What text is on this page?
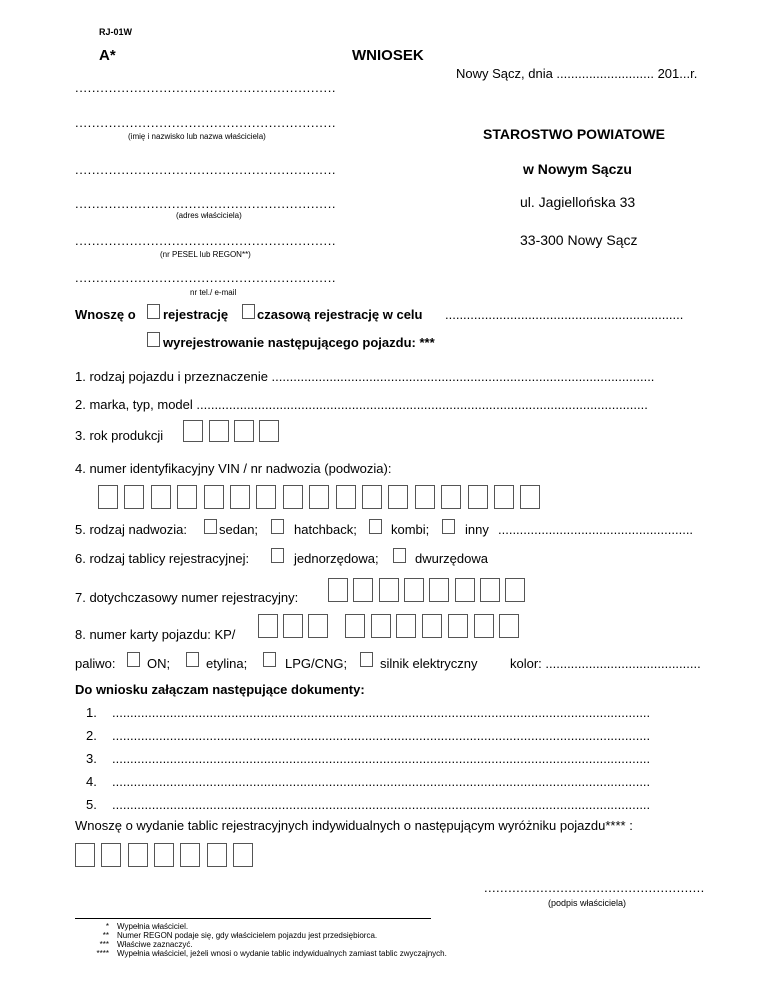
RJ-01W
A*	WNIOSEK
Nowy Sącz, dnia ........................... 201...r.
..............................................................
..............................................................
(imię i nazwisko lub nazwa właściciela)
..............................................................
..............................................................
(adres właściciela)
..............................................................
(nr PESEL lub REGON**)
..............................................................
nr tel./ e-mail
STAROSTWO POWIATOWE
w Nowym Sączu
ul. Jagiellońska 33
33-300 Nowy Sącz
Wnoszę o rejestrację czasową rejestrację w celu ..................................................................
wyrejestrowanie następującego pojazdu: ***
1. rodzaj pojazdu i przeznaczenie ..........................................................................................................
2. marka, typ, model .............................................................................................................................
3. rok produkcji
4. numer identyfikacyjny VIN / nr nadwozia (podwozia):
5. rodzaj nadwozia: sedan;	hatchback;	kombi;	inny ......................................................
6. rodzaj tablicy rejestracyjnej:	jednorzędowa;	dwurzędowa
7. dotychczasowy numer rejestracyjny:
8. numer karty pojazdu: KP/
paliwo: ON;	etylina;	LPG/CNG;	silnik elektryczny kolor: ...........................................
Do wniosku załączam następujące dokumenty:
1. .....................................................................................................................................................
2. .....................................................................................................................................................
3. .....................................................................................................................................................
4. .....................................................................................................................................................
5. .....................................................................................................................................................
Wnoszę o wydanie tablic rejestracyjnych indywidualnych o następującym wyróżniku pojazdu**** :
.......................................................
(podpis właściciela)
* Wypełnia właściciel.
** Numer REGON podaje się, gdy właścicielem pojazdu jest przedsiębiorca.
*** Właściwe zaznaczyć.
**** Wypełnia właściciel, jeżeli wnosi o wydanie tablic indywidualnych zamiast tablic zwyczajnych.
